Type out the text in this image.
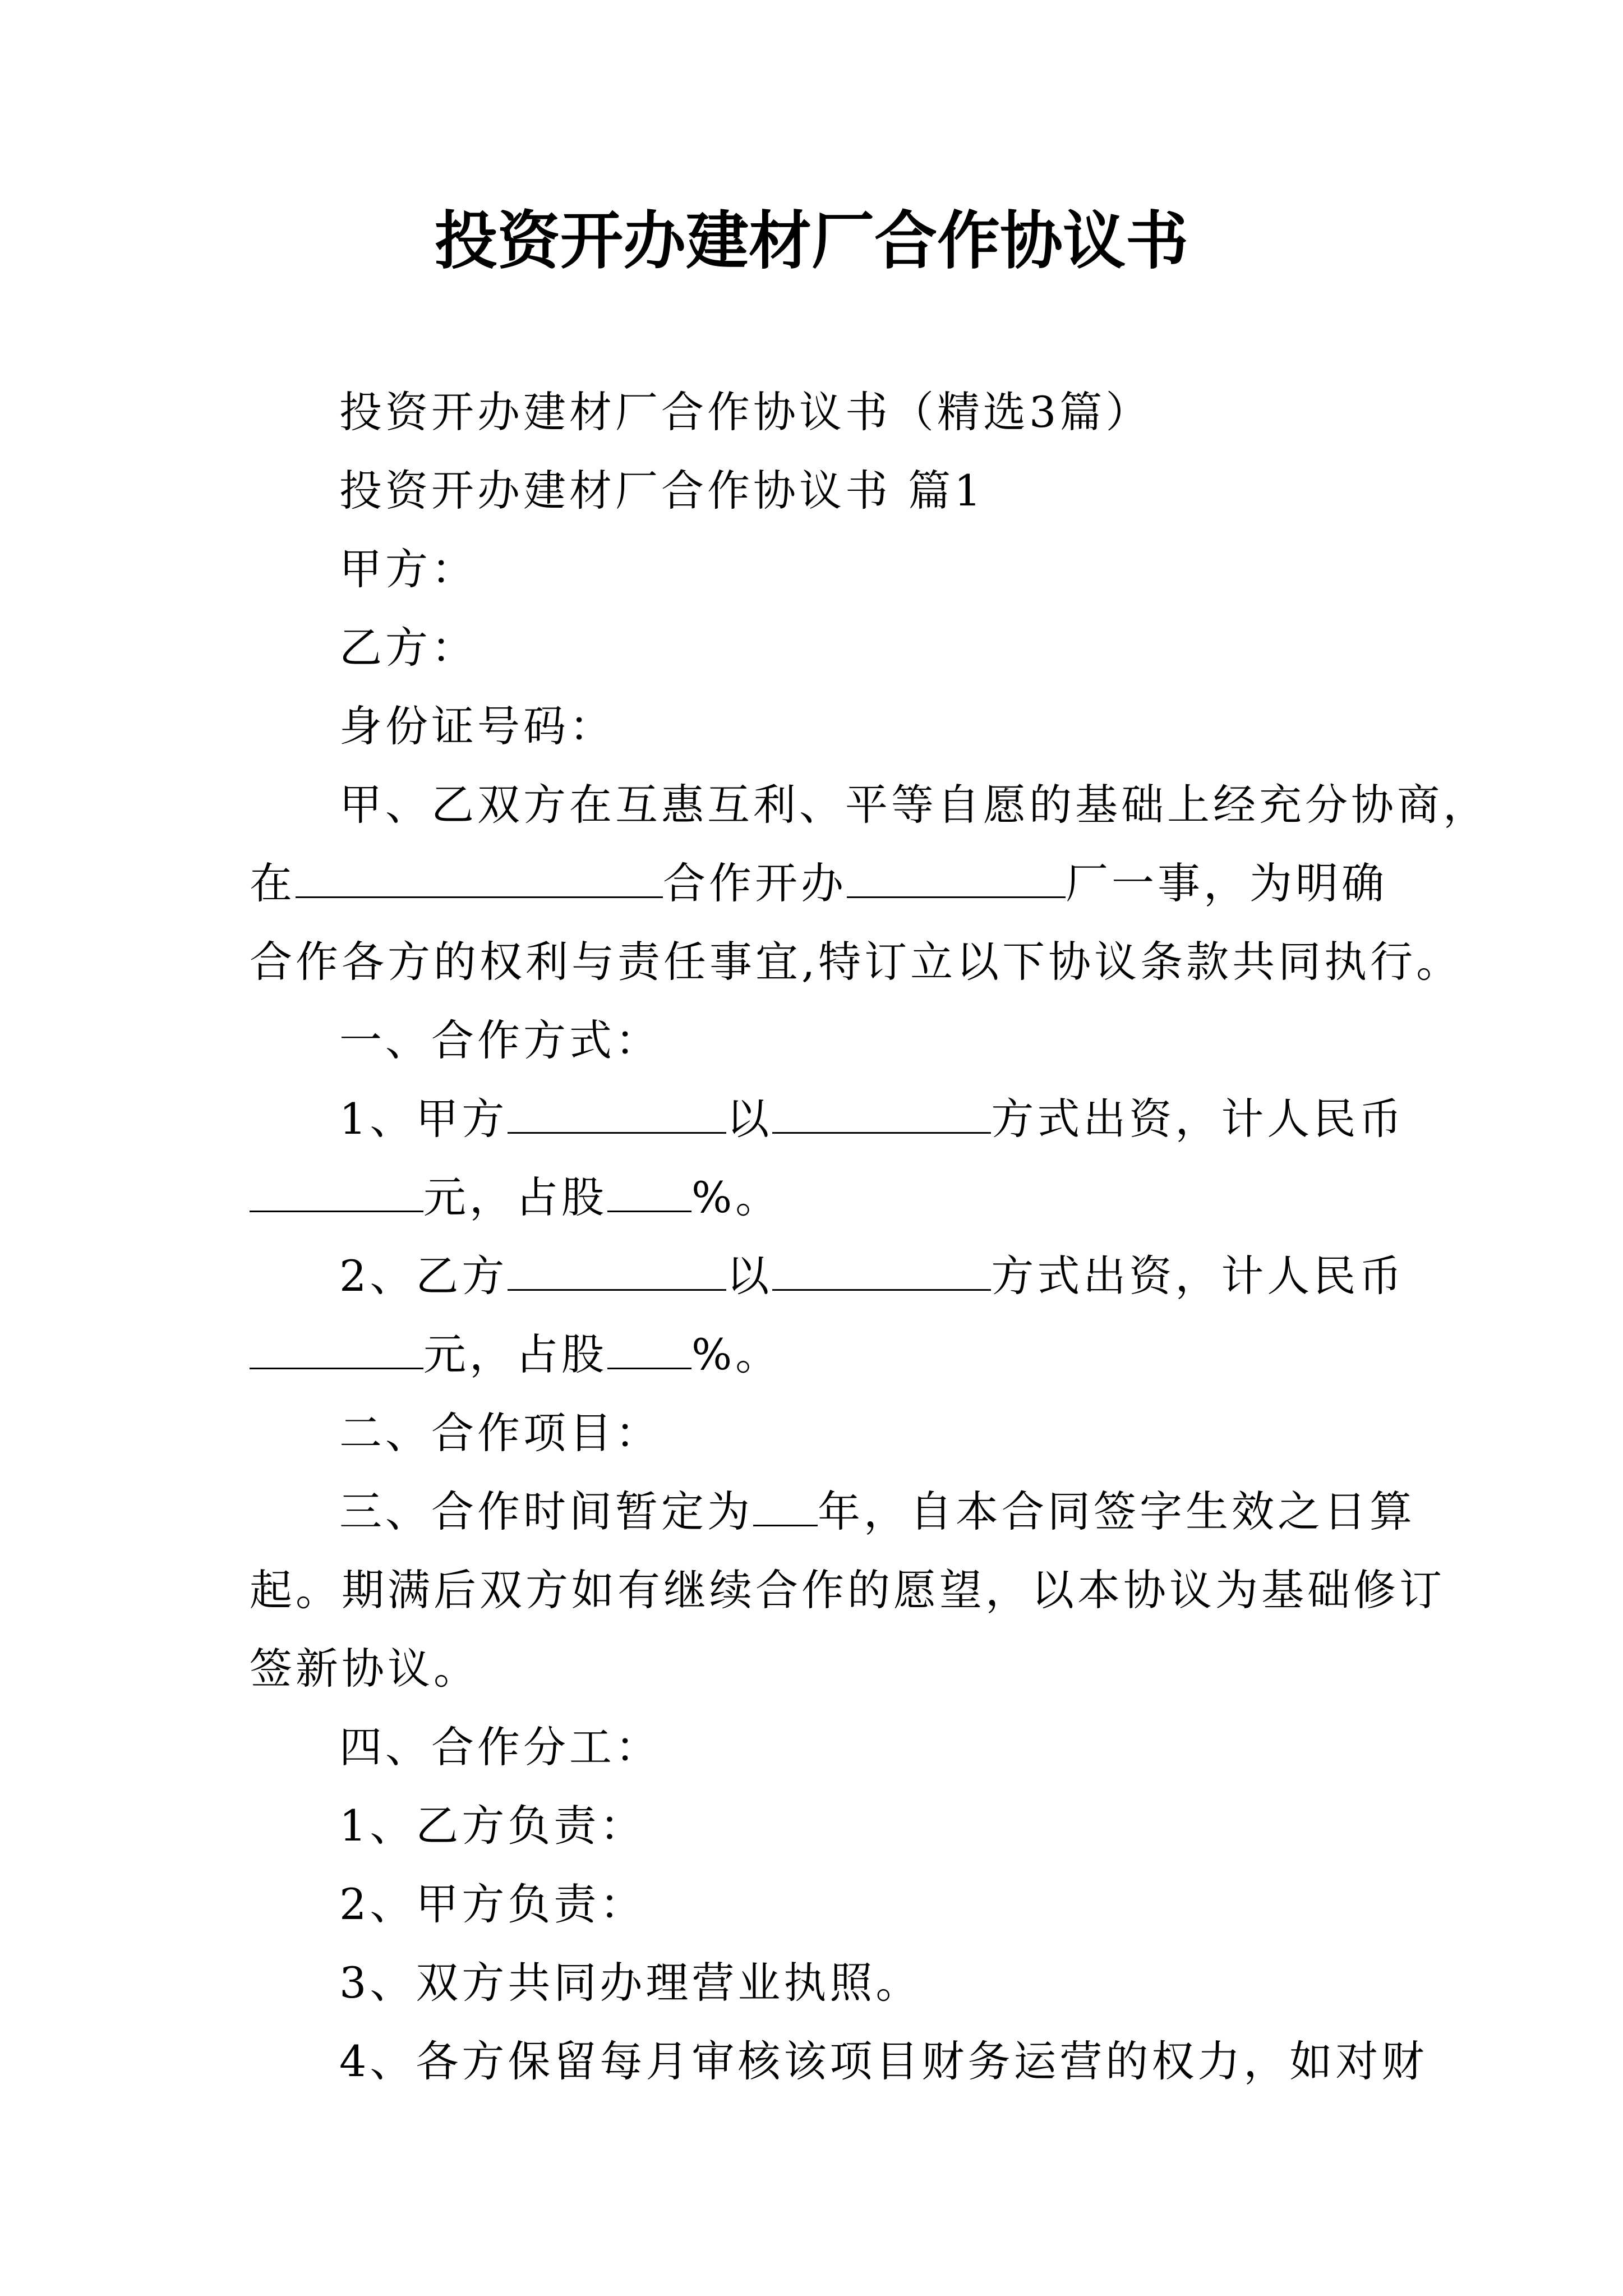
投资开办建材厂合作协议书
投资开办建材厂合作协议书（精选3篇）
投资开办建材厂合作协议书 篇1
甲方：
乙方：
身份证号码：
甲、乙双方在互惠互利、平等自愿的基础上经充分协商，
在	合作开办	厂一事，为明确
合作各方的权利与责任事宜,特订立以下协议条款共同执行。
一、合作方式：
1、甲方	以	方式出资，计人民币
元，占股 %。
2、乙方	以	方式出资，计人民币
元，占股 %。
二、合作项目：
三、合作时间暂定为 年，自本合同签字生效之日算
起。期满后双方如有继续合作的愿望，以本协议为基础修订
签新协议。
四、合作分工：
1、乙方负责：
2、甲方负责：
3、双方共同办理营业执照。
4、各方保留每月审核该项目财务运营的权力，如对财
